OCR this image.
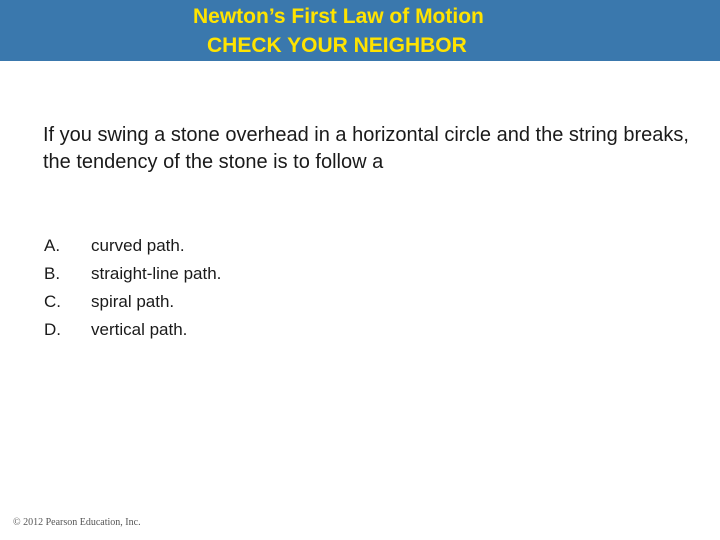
Newton’s First Law of Motion
CHECK YOUR NEIGHBOR
If you swing a stone overhead in a horizontal circle and the string breaks, the tendency of the stone is to follow a
A. curved path.
B. straight-line path.
C. spiral path.
D. vertical path.
© 2012 Pearson Education, Inc.
